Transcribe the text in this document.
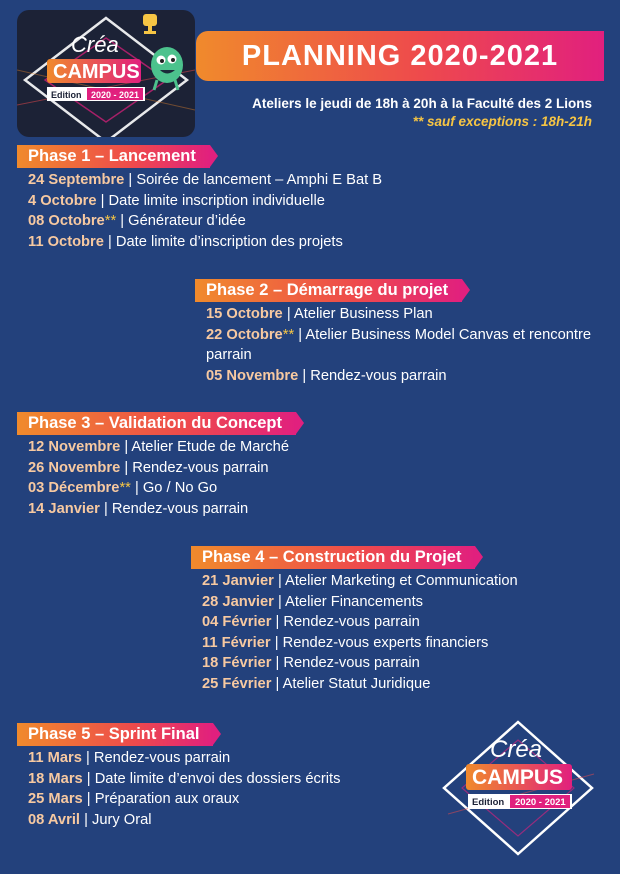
Créa
CAMPUS
Edition 2020 - 2021
PLANNING 2020-2021
Ateliers le jeudi de 18h à 20h à la Faculté des 2 Lions
** sauf exceptions : 18h-21h
Phase 1 – Lancement
24 Septembre | Soirée de lancement – Amphi E Bat B
4 Octobre | Date limite inscription individuelle
08 Octobre** | Générateur d’idée
11 Octobre | Date limite d’inscription des projets
Phase 2 – Démarrage du projet
15 Octobre | Atelier Business Plan
22 Octobre** | Atelier Business Model Canvas et rencontre parrain
05 Novembre | Rendez-vous parrain
Phase 3 – Validation du Concept
12 Novembre | Atelier Etude de Marché
26 Novembre | Rendez-vous parrain
03 Décembre** | Go / No Go
14 Janvier | Rendez-vous parrain
Phase 4 – Construction du Projet
21 Janvier | Atelier Marketing et Communication
28 Janvier | Atelier Financements
04 Février | Rendez-vous parrain
11 Février | Rendez-vous experts financiers
18 Février | Rendez-vous parrain
25 Février | Atelier Statut Juridique
Phase 5 – Sprint Final
11 Mars | Rendez-vous parrain
18 Mars | Date limite d’envoi des dossiers écrits
25 Mars | Préparation aux oraux
08 Avril | Jury Oral
Créa
CAMPUS
Edition 2020 - 2021
